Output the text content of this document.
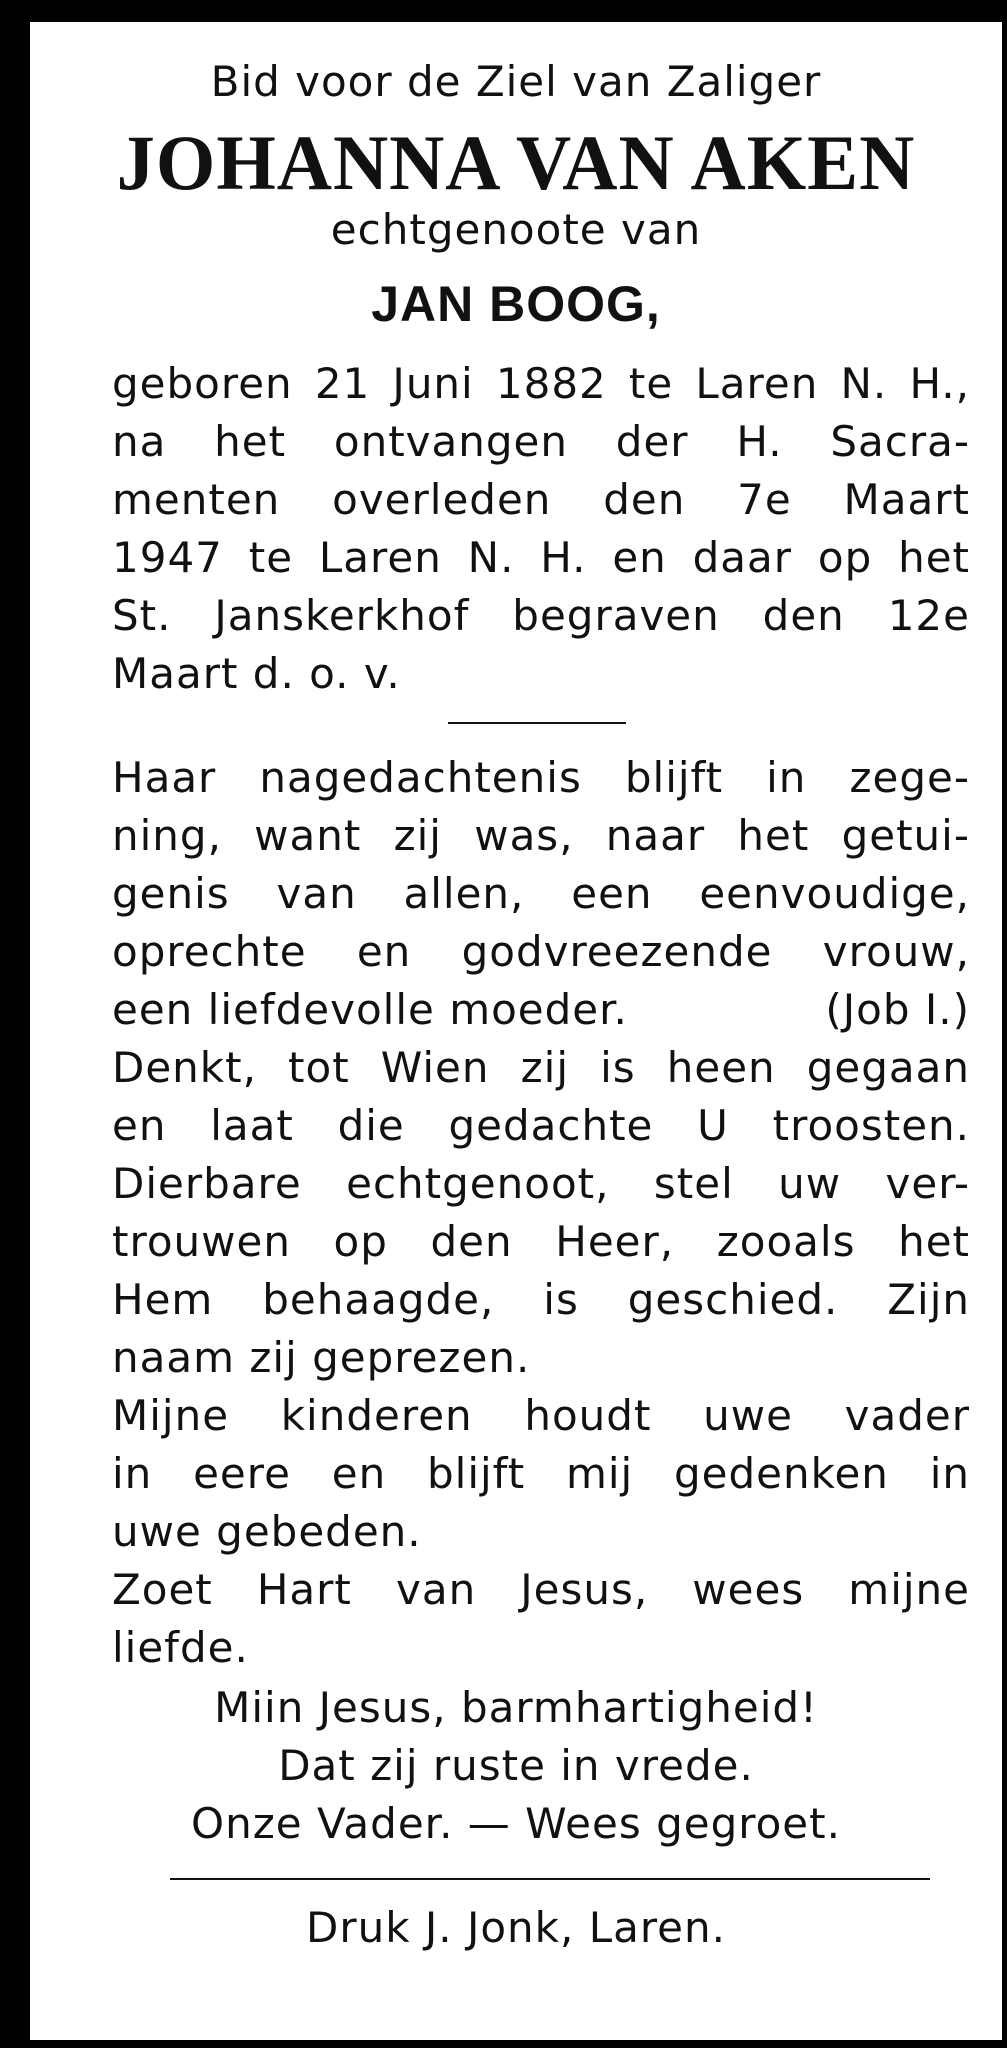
Bid voor de Ziel van Zaliger

JOHANNA VAN AKEN

echtgenoote van

JAN BOOG,

geboren 21 Juni 1882 te Laren N. H.,

na het ontvangen der H. Sacra-

menten overleden den 7e Maart

1947 te Laren N. H. en daar op het

St. Janskerkhof begraven den 12e

Maart d. o. v.

Haar nagedachtenis blijft in zege-

ning, want zij was, naar het getui-

genis van allen, een eenvoudige,

oprechte en godvreezende vrouw,

een liefdevolle moeder.	(Job I.)

Denkt, tot Wien zij is heen gegaan

en laat die gedachte U troosten.

Dierbare echtgenoot, stel uw ver-

trouwen op den Heer, zooals het

Hem behaagde, is geschied. Zijn

naam zij geprezen.

Mijne kinderen houdt uwe vader

in eere en blijft mij gedenken in

uwe gebeden.

Zoet Hart van Jesus, wees mijne

liefde.

Miin Jesus, barmhartigheid!

Dat zij ruste in vrede.

Onze Vader. — Wees gegroet.

Druk J. Jonk, Laren.
